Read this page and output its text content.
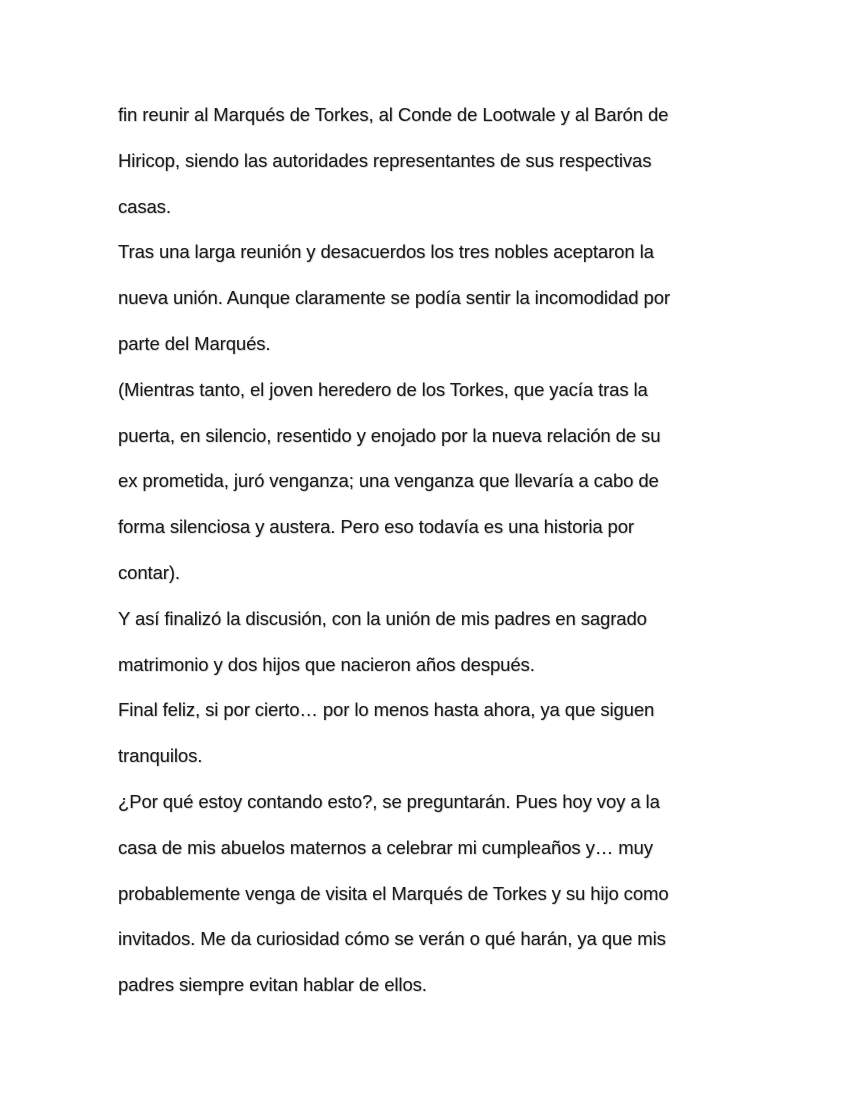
fin reunir al Marqués de Torkes, al Conde de Lootwale y al Barón de
Hiricop, siendo las autoridades representantes de sus respectivas
casas.
Tras una larga reunión y desacuerdos los tres nobles aceptaron la
nueva unión. Aunque claramente se podía sentir la incomodidad por
parte del Marqués.
(Mientras tanto, el joven heredero de los Torkes, que yacía tras la
puerta, en silencio, resentido y enojado por la nueva relación de su
ex prometida, juró venganza; una venganza que llevaría a cabo de
forma silenciosa y austera. Pero eso todavía es una historia por
contar).
Y así finalizó la discusión, con la unión de mis padres en sagrado
matrimonio y dos hijos que nacieron años después.
Final feliz, si por cierto… por lo menos hasta ahora, ya que siguen
tranquilos.
¿Por qué estoy contando esto?, se preguntarán. Pues hoy voy a la
casa de mis abuelos maternos a celebrar mi cumpleaños y… muy
probablemente venga de visita el Marqués de Torkes y su hijo como
invitados. Me da curiosidad cómo se verán o qué harán, ya que mis
padres siempre evitan hablar de ellos.
